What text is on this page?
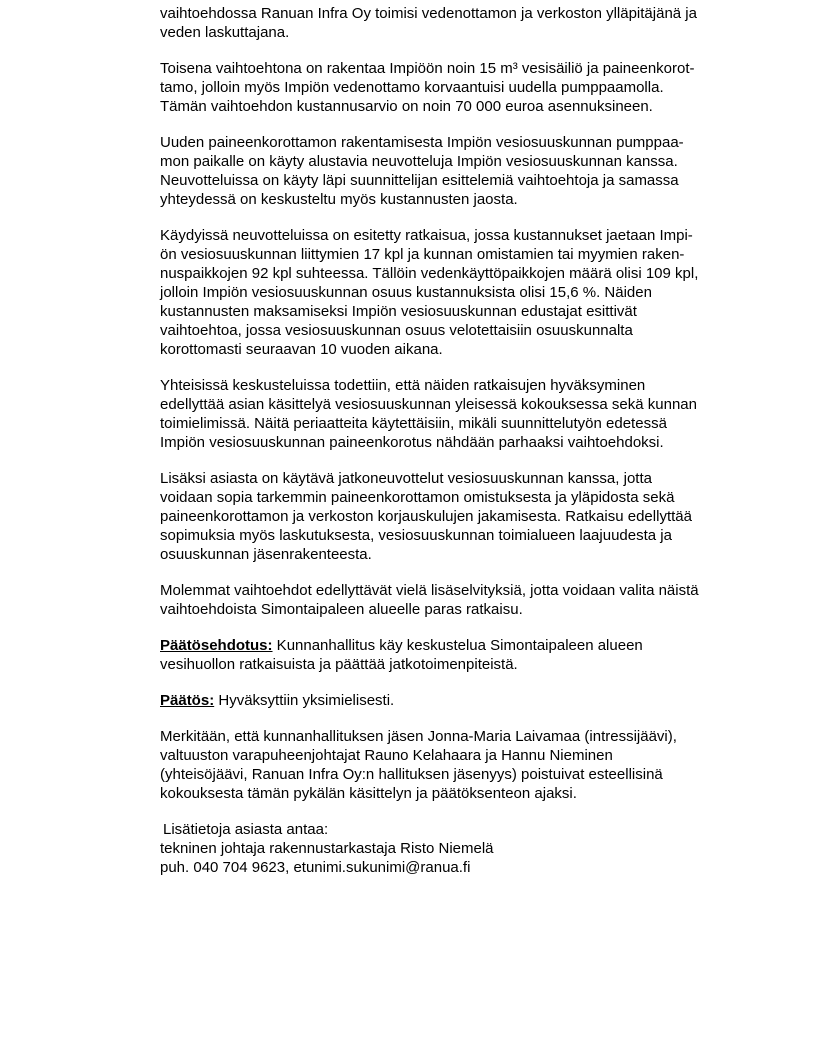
vaihtoehdossa Ranuan Infra Oy toimisi vedenottamon ja verkoston ylläpitäjänä ja
veden laskuttajana.

Toisena vaihtoehtona on rakentaa Impiöön noin 15 m³ vesisäiliö ja paineenkorot-
tamo, jolloin myös Impiön vedenottamo korvaantuisi uudella pumppaamolla.
Tämän vaihtoehdon kustannusarvio on noin 70 000 euroa asennuksineen.

Uuden paineenkorottamon rakentamisesta Impiön vesiosuuskunnan pumppaa-
mon paikalle on käyty alustavia neuvotteluja Impiön vesiosuuskunnan kanssa.
Neuvotteluissa on käyty läpi suunnittelijan esittelemiä vaihtoehtoja ja samassa
yhteydessä on keskusteltu myös kustannusten jaosta.

Käydyissä neuvotteluissa on esitetty ratkaisua, jossa kustannukset jaetaan Impi-
ön vesiosuuskunnan liittymien 17 kpl ja kunnan omistamien tai myymien raken-
nuspaikkojen 92 kpl suhteessa. Tällöin vedenkäyttöpaikkojen määrä olisi 109 kpl,
jolloin Impiön vesiosuuskunnan osuus kustannuksista olisi 15,6 %. Näiden
kustannusten maksamiseksi Impiön vesiosuuskunnan edustajat esittivät
vaihtoehtoa, jossa vesiosuuskunnan osuus velotettaisiin osuuskunnalta
korottomasti seuraavan 10 vuoden aikana.

Yhteisissä keskusteluissa todettiin, että näiden ratkaisujen hyväksyminen
edellyttää asian käsittelyä vesiosuuskunnan yleisessä kokouksessa sekä kunnan
toimielimissä. Näitä periaatteita käytettäisiin, mikäli suunnittelutyön edetessä
Impiön vesiosuuskunnan paineenkorotus nähdään parhaaksi vaihtoehdoksi.

Lisäksi asiasta on käytävä jatkoneuvottelut vesiosuuskunnan kanssa, jotta
voidaan sopia tarkemmin paineenkorottamon omistuksesta ja yläpidosta sekä
paineenkorottamon ja verkoston korjauskulujen jakamisesta. Ratkaisu edellyttää
sopimuksia myös laskutuksesta, vesiosuuskunnan toimialueen laajuudesta ja
osuuskunnan jäsenrakenteesta.

Molemmat vaihtoehdot edellyttävät vielä lisäselvityksiä, jotta voidaan valita näistä
vaihtoehdoista Simontaipaleen alueelle paras ratkaisu.

Päätösehdotus: Kunnanhallitus käy keskustelua Simontaipaleen alueen
vesihuollon ratkaisuista ja päättää jatkotoimenpiteistä.

Päätös: Hyväksyttiin yksimielisesti.

Merkitään, että kunnanhallituksen jäsen Jonna-Maria Laivamaa (intressijäävi),
valtuuston varapuheenjohtajat Rauno Kelahaara ja Hannu Nieminen
(yhteisöjäävi, Ranuan Infra Oy:n hallituksen jäsenyys) poistuivat esteellisinä
kokouksesta tämän pykälän käsittelyn ja päätöksenteon ajaksi.

Lisätietoja asiasta antaa:
tekninen johtaja rakennustarkastaja Risto Niemelä
puh. 040 704 9623, etunimi.sukunimi@ranua.fi
